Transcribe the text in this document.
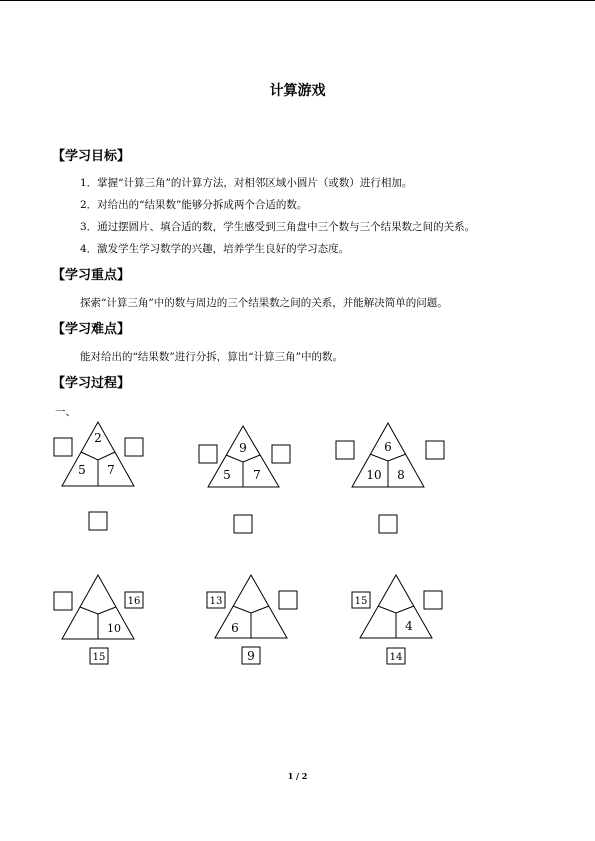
计算游戏
【学习目标】
1．掌握“计算三角”的计算方法，对相邻区域小圆片（或数）进行相加。
2．对给出的“结果数”能够分拆成两个合适的数。
3．通过摆圆片、填合适的数，学生感受到三角盘中三个数与三个结果数之间的关系。
4．激发学生学习数学的兴趣，培养学生良好的学习态度。
【学习重点】
探索“计算三角”中的数与周边的三个结果数之间的关系，并能解决简单的问题。
【学习难点】
能对给出的“结果数”进行分拆，算出“计算三角”中的数。
【学习过程】
一、
2
5 7
9
5 7
6
10 8
10
16
15
6
13
9
4
15
14
1 / 2
